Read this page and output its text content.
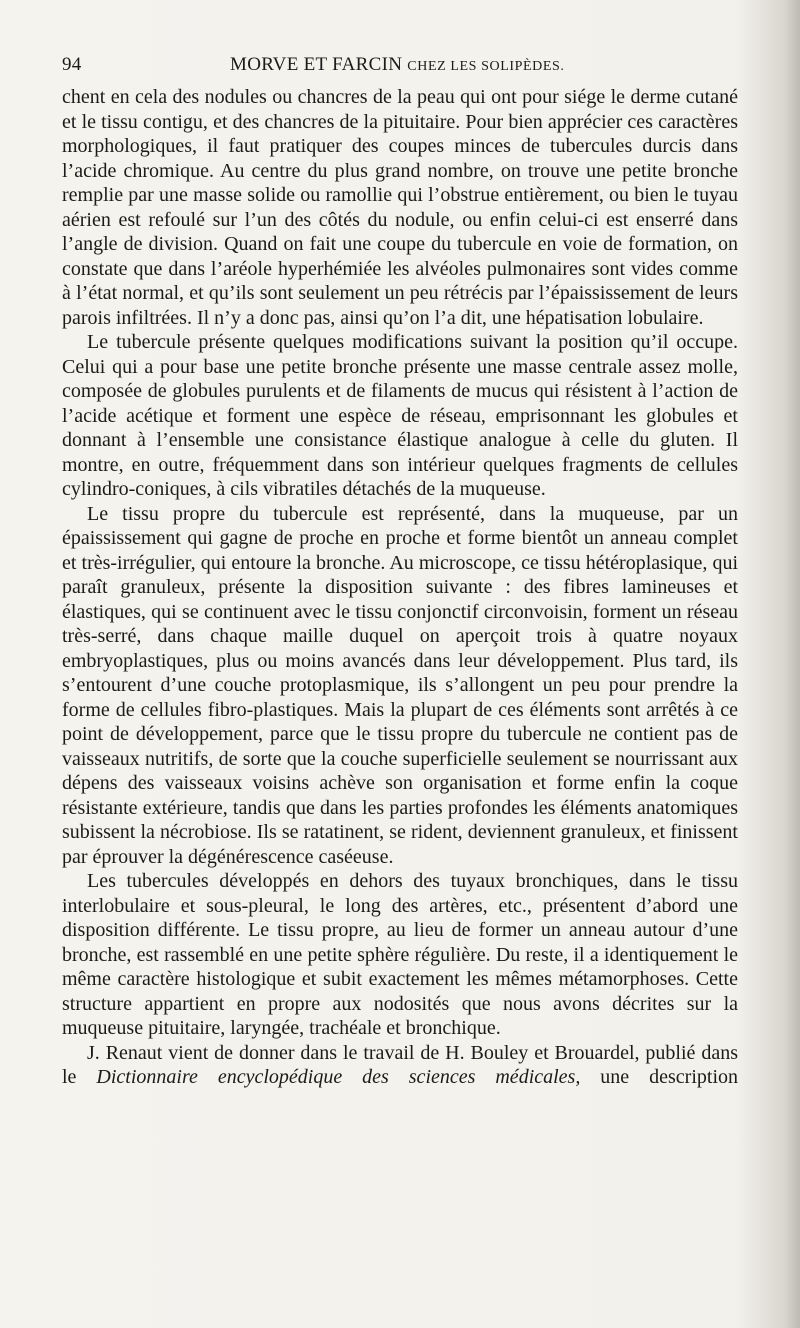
94	MORVE ET FARCIN CHEZ LES SOLIPÈDES.

chent en cela des nodules ou chancres de la peau qui ont pour siége le derme cutané et le tissu contigu, et des chancres de la pituitaire. Pour bien apprécier ces caractères morphologiques, il faut pratiquer des coupes minces de tubercules durcis dans l’acide chromique. Au centre du plus grand nombre, on trouve une petite bronche remplie par une masse solide ou ramollie qui l’obstrue entièrement, ou bien le tuyau aérien est refoulé sur l’un des côtés du nodule, ou enfin celui-ci est enserré dans l’angle de division. Quand on fait une coupe du tubercule en voie de formation, on constate que dans l’aréole hyperhémiée les alvéoles pulmonaires sont vides comme à l’état normal, et qu’ils sont seulement un peu rétrécis par l’épaississement de leurs parois infiltrées. Il n’y a donc pas, ainsi qu’on l’a dit, une hépatisation lobulaire.

Le tubercule présente quelques modifications suivant la position qu’il occupe. Celui qui a pour base une petite bronche présente une masse centrale assez molle, composée de globules purulents et de filaments de mucus qui résistent à l’action de l’acide acétique et forment une espèce de réseau, emprisonnant les globules et donnant à l’ensemble une consistance élastique analogue à celle du gluten. Il montre, en outre, fréquemment dans son intérieur quelques fragments de cellules cylindro-coniques, à cils vibratiles détachés de la muqueuse.

Le tissu propre du tubercule est représenté, dans la muqueuse, par un épaississement qui gagne de proche en proche et forme bientôt un anneau complet et très-irrégulier, qui entoure la bronche. Au microscope, ce tissu hétéroplasique, qui paraît granuleux, présente la disposition suivante : des fibres lamineuses et élastiques, qui se continuent avec le tissu conjonctif circonvoisin, forment un réseau très-serré, dans chaque maille duquel on aperçoit trois à quatre noyaux embryoplastiques, plus ou moins avancés dans leur développement. Plus tard, ils s’entourent d’une couche protoplasmique, ils s’allongent un peu pour prendre la forme de cellules fibro-plastiques. Mais la plupart de ces éléments sont arrêtés à ce point de développement, parce que le tissu propre du tubercule ne contient pas de vaisseaux nutritifs, de sorte que la couche superficielle seulement se nourrissant aux dépens des vaisseaux voisins achève son organisation et forme enfin la coque résistante extérieure, tandis que dans les parties profondes les éléments anatomiques subissent la nécrobiose. Ils se ratatinent, se rident, deviennent granuleux, et finissent par éprouver la dégénérescence caséeuse.

Les tubercules développés en dehors des tuyaux bronchiques, dans le tissu interlobulaire et sous-pleural, le long des artères, etc., présentent d’abord une disposition différente. Le tissu propre, au lieu de former un anneau autour d’une bronche, est rassemblé en une petite sphère régulière. Du reste, il a identiquement le même caractère histologique et subit exactement les mêmes métamorphoses. Cette structure appartient en propre aux nodosités que nous avons décrites sur la muqueuse pituitaire, laryngée, trachéale et bronchique.

J. Renaut vient de donner dans le travail de H. Bouley et Brouardel, publié dans le Dictionnaire encyclopédique des sciences médicales, une description
